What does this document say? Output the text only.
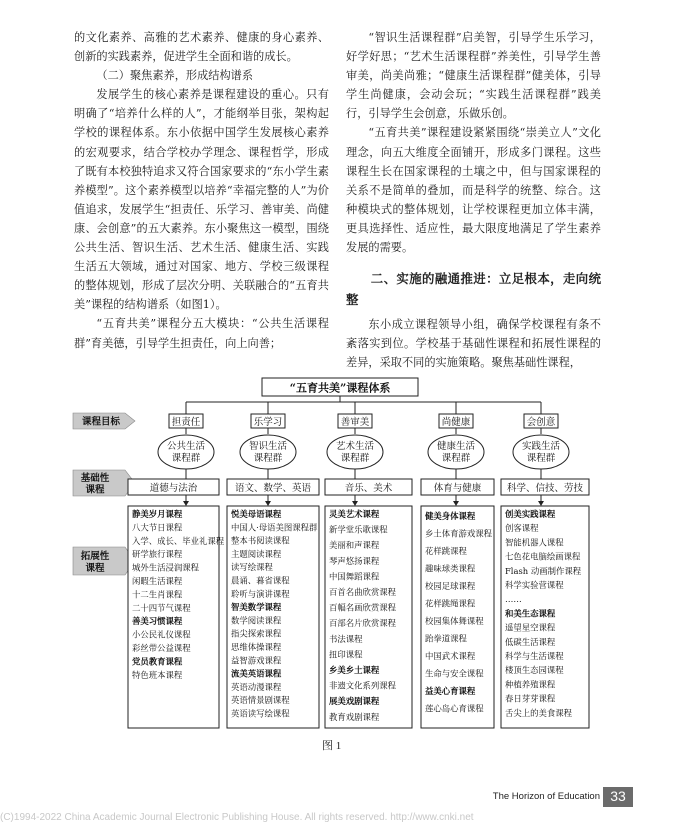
的文化素养、高雅的艺术素养、健康的身心素养、创新的实践素养，促进学生全面和谐的成长。

（二）聚焦素养，形成结构谱系

发展学生的核心素养是课程建设的重心。只有明确了“培养什么样的人”，才能纲举目张，架构起学校的课程体系。东小依据中国学生发展核心素养的宏观要求，结合学校办学理念、课程哲学，形成了既有本校独特追求又符合国家要求的“东小学生素养模型”。这个素养模型以培养“幸福完整的人”为价值追求，发展学生“担责任、乐学习、善审美、尚健康、会创意”的五大素养。东小聚焦这一模型，围绕公共生活、智识生活、艺术生活、健康生活、实践生活五大领域，通过对国家、地方、学校三级课程的整体规划，形成了层次分明、关联融合的“五育共美”课程的结构谱系（如图1）。

“五育共美”课程分五大模块：“公共生活课程群”育美德，引导学生担责任，向上向善；

“智识生活课程群”启美智，引导学生乐学习，好学好思；“艺术生活课程群”养美性，引导学生善审美，尚美尚雅；“健康生活课程群”健美体，引导学生尚健康，会动会玩；“实践生活课程群”践美行，引导学生会创意，乐做乐创。

“五育共美”课程建设紧紧围绕“崇美立人”文化理念，向五大维度全面铺开，形成多门课程。这些课程生长在国家课程的土壤之中，但与国家课程的关系不是简单的叠加，而是科学的统整、综合。这种模块式的整体规划，让学校课程更加立体丰满，更具选择性、适应性，最大限度地满足了学生素养发展的需要。

二、实施的融通推进：立足根本，走向统整

东小成立课程领导小组，确保学校课程有条不紊落实到位。学校基于基础性课程和拓展性课程的差异，采取不同的实施策略。聚焦基础性课程，

“五育共美”课程体系
课程目标
基础性
课程
拓展性
课程
担责任
公共生活
课程群
道德与法治
静美岁月课程
八大节日课程
入学、成长、毕业礼课程
研学旅行课程
城外生活浸润课程
闲暇生活课程
十二生肖课程
二十四节气课程
善美习惯课程
小公民礼仪课程
彩丝带公益课程
党员教育课程
特色班本课程
乐学习
智识生活
课程群
语文、数学、英语
悦美母语课程
中国人·母语美图课程群
整本书阅读课程
主题阅读课程
读写绘课程
晨诵、暮省课程
聆听与演讲课程
智美数学课程
数学阅读课程
指尖探索课程
思维体操课程
益智游戏课程
流美英语课程
英语动漫课程
英语情景剧课程
英语读写绘课程
善审美
艺术生活
课程群
音乐、美术
灵美艺术课程
新学堂乐歌课程
美丽和声课程
琴声悠扬课程
中国舞蹈课程
百首名曲欣赏课程
百幅名画欣赏课程
百部名片欣赏课程
书法课程
扭印课程
乡美乡土课程
非遗文化系列课程
展美戏剧课程
教育戏剧课程
尚健康
健康生活
课程群
体育与健康
健美身体课程
乡土体育游戏课程
花样跳课程
趣味球类课程
校园足球课程
花样跳绳课程
校园集体舞课程
跆拳道课程
中国武术课程
生命与安全课程
益美心育课程
莲心岛心育课程
会创意
实践生活
课程群
科学、信技、劳技
创美实践课程
创客课程
智能机器人课程
七色花电脑绘画课程
Flash 动画制作课程
科学实验营课程
……
和美生态课程
遥望星空课程
低碳生活课程
科学与生活课程
楼顶生态园课程
种植养殖课程
春日芽芽课程
舌尖上的美食课程
图 1
The Horizon of Education 33
(C)1994-2022 China Academic Journal Electronic Publishing House. All rights reserved. http://www.cnki.net
